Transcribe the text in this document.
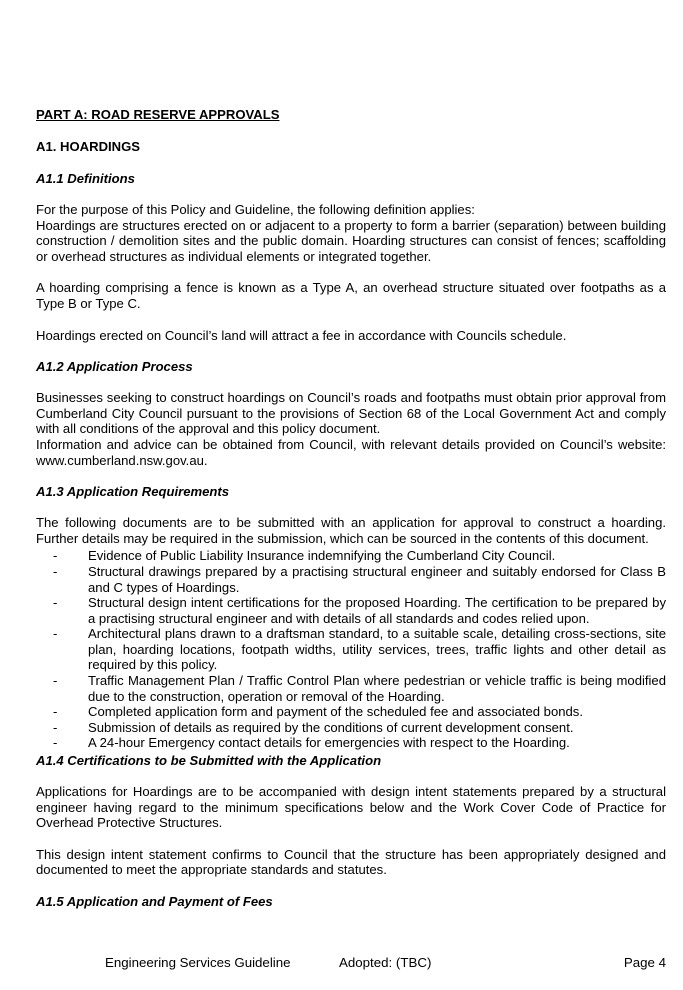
PART A: ROAD RESERVE APPROVALS

A1. HOARDINGS

A1.1 Definitions

For the purpose of this Policy and Guideline, the following definition applies:
Hoardings are structures erected on or adjacent to a property to form a barrier (separation) between building construction / demolition sites and the public domain. Hoarding structures can consist of fences; scaffolding or overhead structures as individual elements or integrated together.

A hoarding comprising a fence is known as a Type A, an overhead structure situated over footpaths as a Type B or Type C.

Hoardings erected on Council’s land will attract a fee in accordance with Councils schedule.

A1.2 Application Process

Businesses seeking to construct hoardings on Council’s roads and footpaths must obtain prior approval from Cumberland City Council pursuant to the provisions of Section 68 of the Local Government Act and comply with all conditions of the approval and this policy document.
Information and advice can be obtained from Council, with relevant details provided on Council’s website: www.cumberland.nsw.gov.au.

A1.3 Application Requirements

The following documents are to be submitted with an application for approval to construct a hoarding. Further details may be required in the submission, which can be sourced in the contents of this document.

- Evidence of Public Liability Insurance indemnifying the Cumberland City Council.
- Structural drawings prepared by a practising structural engineer and suitably endorsed for Class B and C types of Hoardings.
- Structural design intent certifications for the proposed Hoarding. The certification to be prepared by a practising structural engineer and with details of all standards and codes relied upon.
- Architectural plans drawn to a draftsman standard, to a suitable scale, detailing cross-sections, site plan, hoarding locations, footpath widths, utility services, trees, traffic lights and other detail as required by this policy.
- Traffic Management Plan / Traffic Control Plan where pedestrian or vehicle traffic is being modified due to the construction, operation or removal of the Hoarding.
- Completed application form and payment of the scheduled fee and associated bonds.
- Submission of details as required by the conditions of current development consent.
- A 24-hour Emergency contact details for emergencies with respect to the Hoarding.

A1.4 Certifications to be Submitted with the Application

Applications for Hoardings are to be accompanied with design intent statements prepared by a structural engineer having regard to the minimum specifications below and the Work Cover Code of Practice for Overhead Protective Structures.

This design intent statement confirms to Council that the structure has been appropriately designed and documented to meet the appropriate standards and statutes.

A1.5 Application and Payment of Fees

Engineering Services Guideline	Adopted: (TBC)	Page 4
